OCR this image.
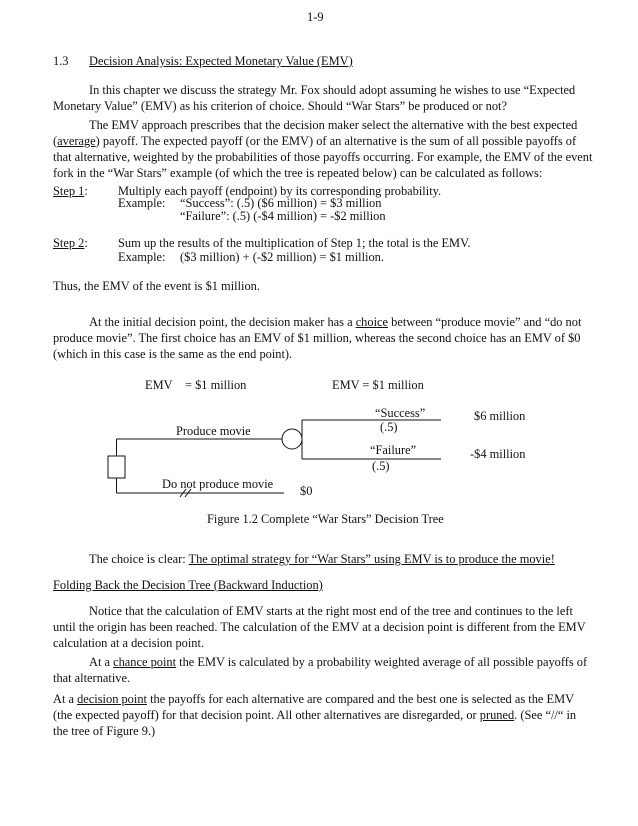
1-9
1.3 Decision Analysis: Expected Monetary Value (EMV)
In this chapter we discuss the strategy Mr. Fox should adopt assuming he wishes to use “Expected Monetary Value” (EMV) as his criterion of choice. Should “War Stars” be produced or not?
The EMV approach prescribes that the decision maker select the alternative with the best expected (average) payoff. The expected payoff (or the EMV) of an alternative is the sum of all possible payoffs of that alternative, weighted by the probabilities of those payoffs occurring. For example, the EMV of the event fork in the “War Stars” example (of which the tree is repeated below) can be calculated as follows:
Step 1: Multiply each payoff (endpoint) by its corresponding probability.
Example: “Success”: (.5) ($6 million) = $3 million
“Failure”: (.5) (-$4 million) = -$2 million
Step 2: Sum up the results of the multiplication of Step 1; the total is the EMV.
Example: ($3 million) + (-$2 million) = $1 million.
Thus, the EMV of the event is $1 million.
At the initial decision point, the decision maker has a choice between “produce movie” and “do not produce movie”. The first choice has an EMV of $1 million, whereas the second choice has an EMV of $0 (which in this case is the same as the end point).
EMV = $1 million	EMV = $1 million
“Success”
(.5)
$6 million
Produce movie
“Failure”
(.5)
-$4 million
Do not produce movie $0
Figure 1.2 Complete “War Stars” Decision Tree
The choice is clear: The optimal strategy for “War Stars” using EMV is to produce the movie!
Folding Back the Decision Tree (Backward Induction)
Notice that the calculation of EMV starts at the right most end of the tree and continues to the left until the origin has been reached. The calculation of the EMV at a decision point is different from the EMV calculation at a decision point.
At a chance point the EMV is calculated by a probability weighted average of all possible payoffs of that alternative.
At a decision point the payoffs for each alternative are compared and the best one is selected as the EMV (the expected payoff) for that decision point. All other alternatives are disregarded, or pruned. (See “//“ in the tree of Figure 9.)
